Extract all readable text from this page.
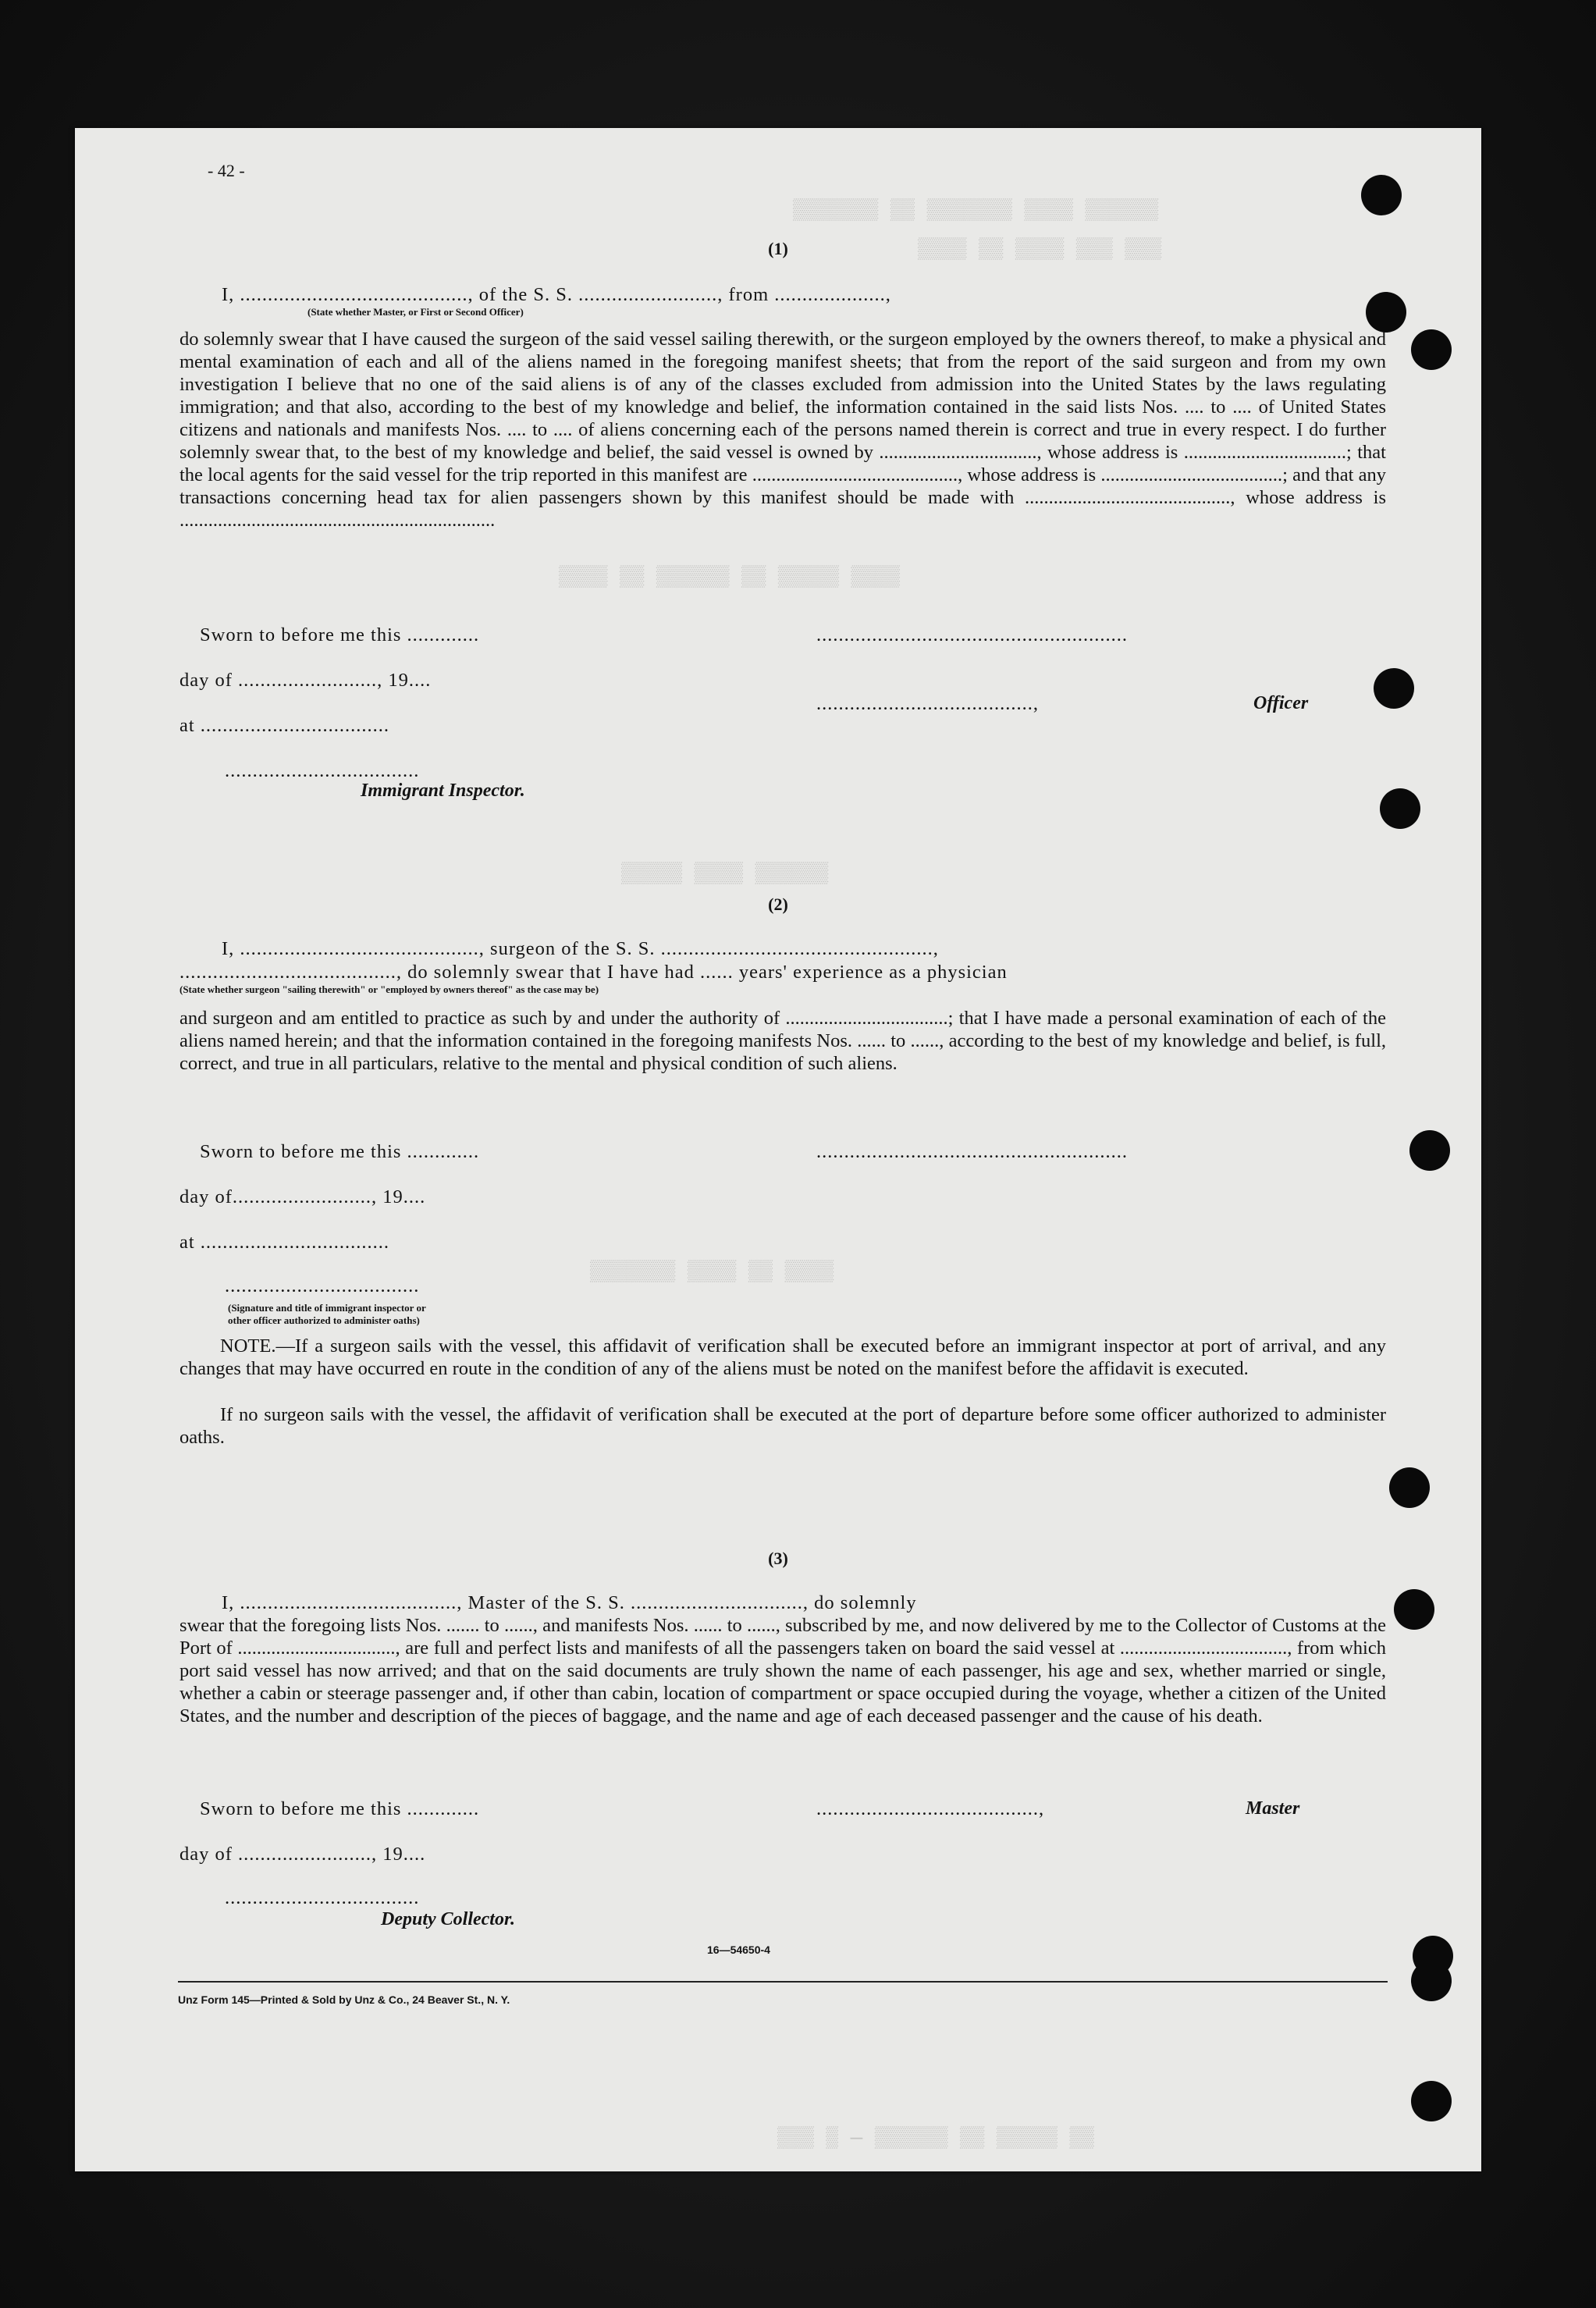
▒▒▒▒▒▒▒ ▒▒ ▒▒▒▒▒▒▒ ▒▒▒▒ ▒▒▒▒▒▒
▒▒▒▒ ▒▒ ▒▒▒▒ ▒▒▒ ▒▒▒
▒▒▒▒ ▒▒ ▒▒▒▒▒▒ ▒▒ ▒▒▒▒▒ ▒▒▒▒
▒▒▒▒▒ ▒▒▒▒ ▒▒▒▒▒▒
▒▒▒▒▒▒▒ ▒▒▒▒ ▒▒ ▒▒▒▒
▒▒▒ ▒ — ▒▒▒▒▒▒ ▒▒ ▒▒▒▒▒ ▒▒
- 42 -
(1)
I, ........................................., of the S. S. ........................., from ....................,
(State whether Master, or First or Second Officer)
do solemnly swear that I have caused the surgeon of the said vessel sailing therewith, or the surgeon employed by the owners thereof, to make a physical and mental examination of each and all of the aliens named in the foregoing manifest sheets; that from the report of the said surgeon and from my own investigation I believe that no one of the said aliens is of any of the classes excluded from admission into the United States by the laws regulating immigration; and that also, according to the best of my knowledge and belief, the information contained in the said lists Nos. .... to .... of United States citizens and nationals and manifests Nos. .... to .... of aliens concerning each of the persons named therein is correct and true in every respect. I do further solemnly swear that, to the best of my knowledge and belief, the said vessel is owned by ................................., whose address is ..................................; that the local agents for the said vessel for the trip reported in this manifest are ..........................................., whose address is ......................................; and that any transactions concerning head tax for alien passengers shown by this manifest should be made with ..........................................., whose address is ..................................................................
Sworn to before me this .............	........................................................
day of ........................., 19....
.......................................,	Officer
at ..................................
...................................
Immigrant Inspector.
(2)
I, ..........................................., surgeon of the S. S. .................................................,
......................................., do solemnly swear that I have had ...... years' experience as a physician
(State whether surgeon "sailing therewith" or "employed by owners thereof" as the case may be)
and surgeon and am entitled to practice as such by and under the authority of ..................................; that I have made a personal examination of each of the aliens named herein; and that the information contained in the foregoing manifests Nos. ...... to ......, according to the best of my knowledge and belief, is full, correct, and true in all particulars, relative to the mental and physical condition of such aliens.
Sworn to before me this .............	........................................................
day of........................., 19....
at ..................................
...................................
(Signature and title of immigrant inspector or
other officer authorized to administer oaths)
NOTE.—If a surgeon sails with the vessel, this affidavit of verification shall be executed before an immigrant inspector at port of arrival, and any changes that may have occurred en route in the condition of any of the aliens must be noted on the manifest before the affidavit is executed.
If no surgeon sails with the vessel, the affidavit of verification shall be executed at the port of departure before some officer authorized to administer oaths.
(3)
I, ......................................., Master of the S. S. ..............................., do solemnly
swear that the foregoing lists Nos. ....... to ......, and manifests Nos. ...... to ......, subscribed by me, and now delivered by me to the Collector of Customs at the Port of ................................., are full and perfect lists and manifests of all the passengers taken on board the said vessel at ..................................., from which port said vessel has now arrived; and that on the said documents are truly shown the name of each passenger, his age and sex, whether married or single, whether a cabin or steerage passenger and, if other than cabin, location of compartment or space occupied during the voyage, whether a citizen of the United States, and the number and description of the pieces of baggage, and the name and age of each deceased passenger and the cause of his death.
Sworn to before me this .............	........................................,	Master
day of ........................, 19....
...................................
Deputy Collector.
16—54650-4
Unz Form 145—Printed & Sold by Unz & Co., 24 Beaver St., N. Y.
